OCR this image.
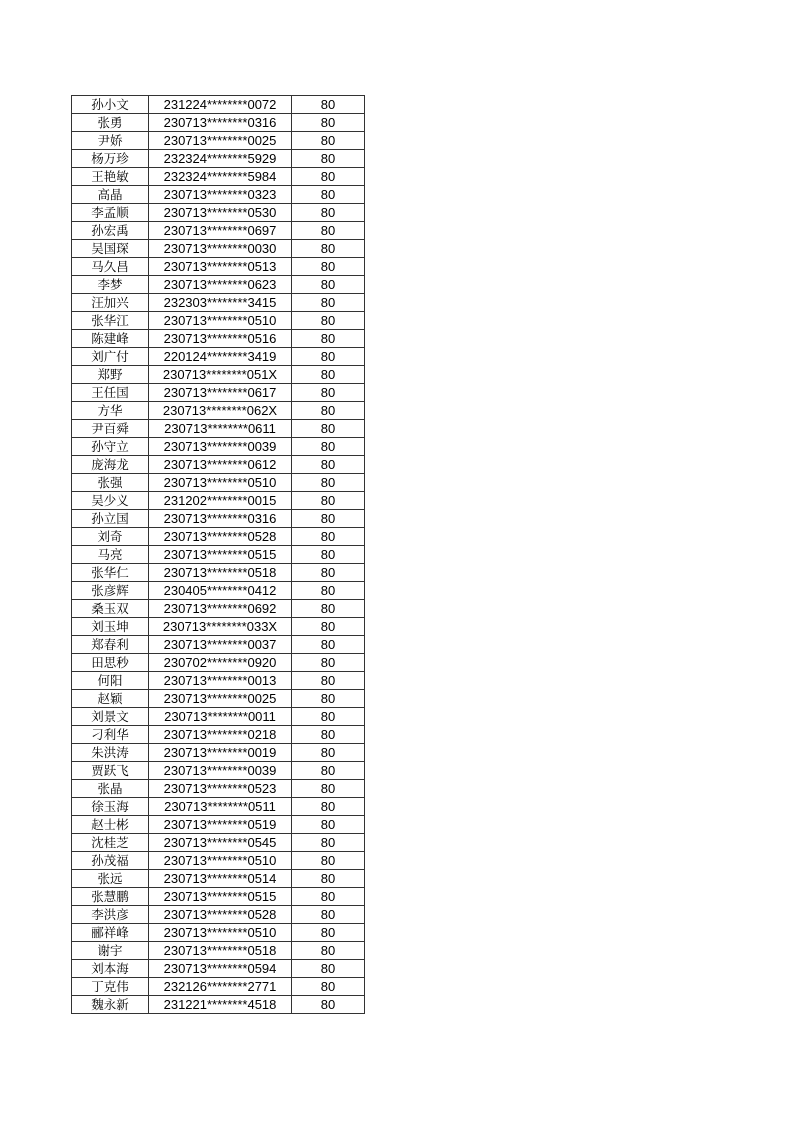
孙小文	231224********0072	80
张勇	230713********0316	80
尹娇	230713********0025	80
杨万珍	232324********5929	80
王艳敏	232324********5984	80
高晶	230713********0323	80
李孟顺	230713********0530	80
孙宏禹	230713********0697	80
吴国琛	230713********0030	80
马久昌	230713********0513	80
李梦	230713********0623	80
汪加兴	232303********3415	80
张华江	230713********0510	80
陈建峰	230713********0516	80
刘广付	220124********3419	80
郑野	230713********051X	80
王任国	230713********0617	80
方华	230713********062X	80
尹百舜	230713********0611	80
孙守立	230713********0039	80
庞海龙	230713********0612	80
张强	230713********0510	80
吴少义	231202********0015	80
孙立国	230713********0316	80
刘奇	230713********0528	80
马亮	230713********0515	80
张华仁	230713********0518	80
张彦辉	230405********0412	80
桑玉双	230713********0692	80
刘玉坤	230713********033X	80
郑春利	230713********0037	80
田思秒	230702********0920	80
何阳	230713********0013	80
赵颖	230713********0025	80
刘景文	230713********0011	80
刁利华	230713********0218	80
朱洪涛	230713********0019	80
贾跃飞	230713********0039	80
张晶	230713********0523	80
徐玉海	230713********0511	80
赵士彬	230713********0519	80
沈桂芝	230713********0545	80
孙茂福	230713********0510	80
张远	230713********0514	80
张慧鹏	230713********0515	80
李洪彦	230713********0528	80
郦祥峰	230713********0510	80
谢宇	230713********0518	80
刘本海	230713********0594	80
丁克伟	232126********2771	80
魏永新	231221********4518	80
